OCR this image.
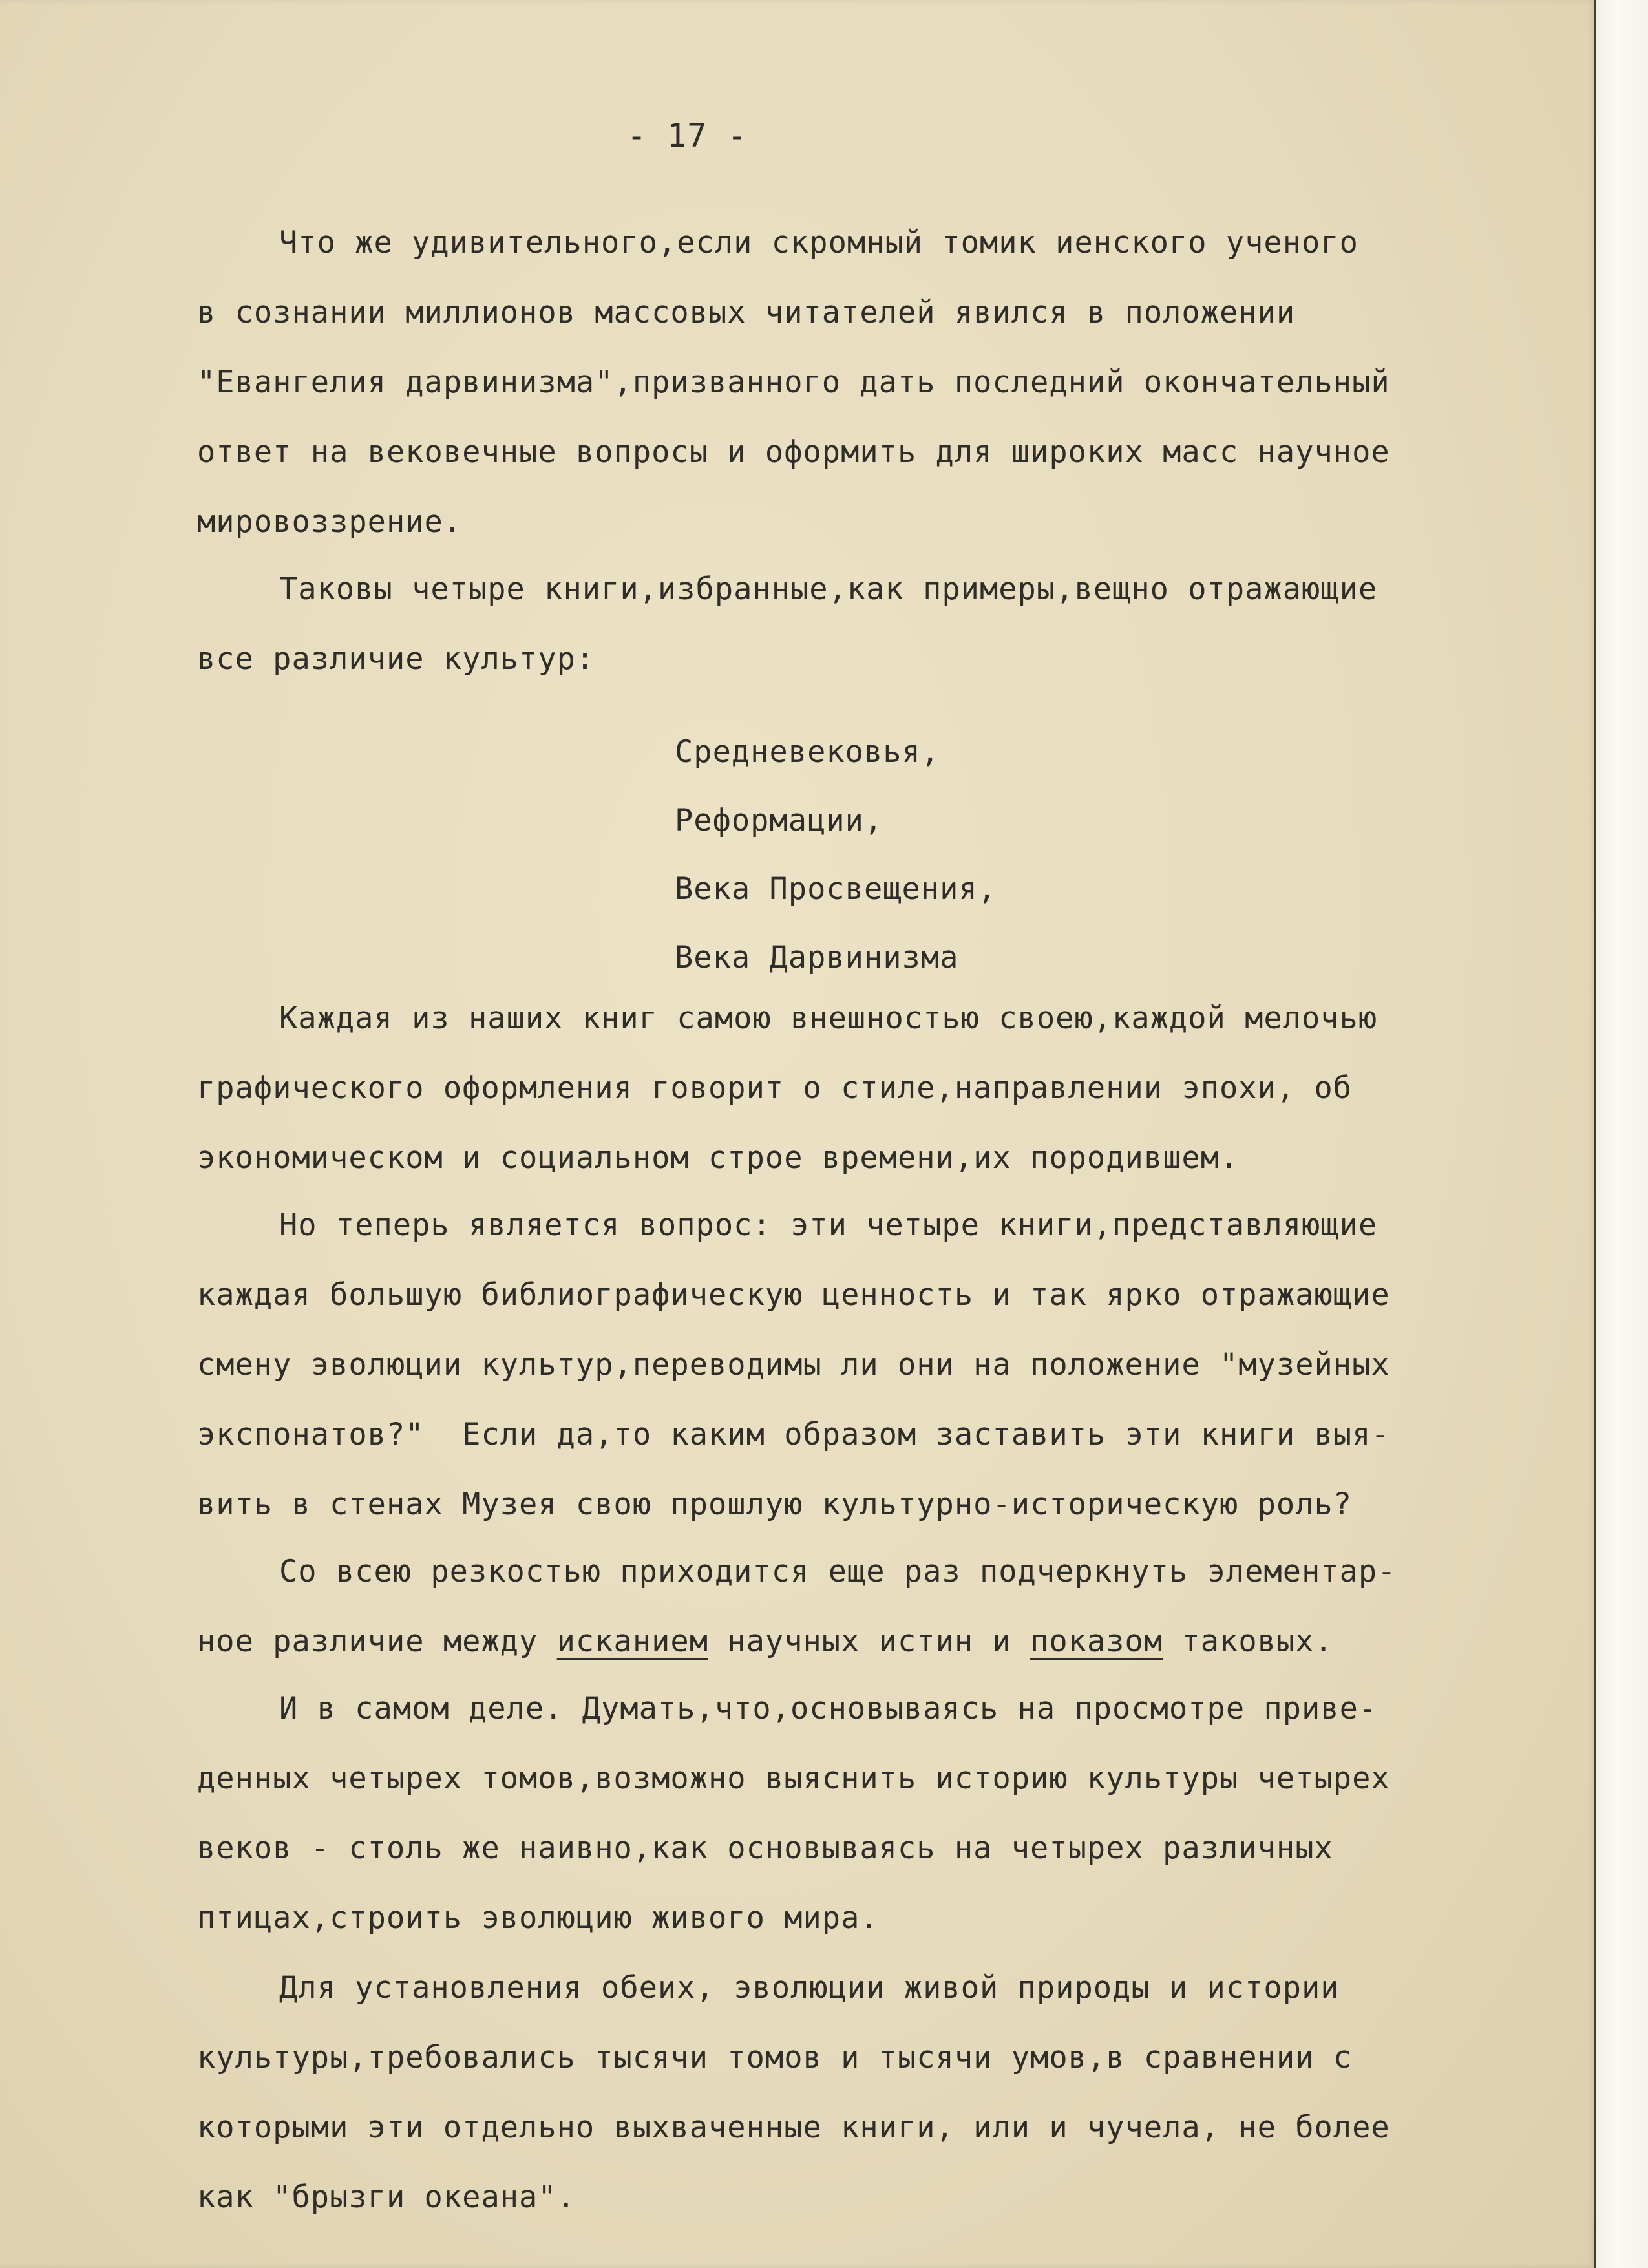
- 17 -
Что же удивительного,если скромный томик иенского ученого
в сознании миллионов массовых читателей явился в положении
"Евангелия дарвинизма",призванного дать последний окончательный
ответ на вековечные вопросы и оформить для широких масс научное
мировоззрение.
Таковы четыре книги,избранные,как примеры,вещно отражающие
все различие культур:
Средневековья,
Реформации,
Века Просвещения,
Века Дарвинизма
Каждая из наших книг самою внешностью своею,каждой мелочью
графического оформления говорит о стиле,направлении эпохи, об
экономическом и социальном строе времени,их породившем.
Но теперь является вопрос: эти четыре книги,представляющие
каждая большую библиографическую ценность и так ярко отражающие
смену эволюции культур,переводимы ли они на положение "музейных
экспонатов?"  Если да,то каким образом заставить эти книги выя-
вить в стенах Музея свою прошлую культурно-историческую роль?
Со всею резкостью приходится еще раз подчеркнуть элементар-
ное различие между исканием научных истин и показом таковых.
И в самом деле. Думать,что,основываясь на просмотре приве-
денных четырех томов,возможно выяснить историю культуры четырех
веков - столь же наивно,как основываясь на четырех различных
птицах,строить эволюцию живого мира.
Для установления обеих, эволюции живой природы и истории
культуры,требовались тысячи томов и тысячи умов,в сравнении с
которыми эти отдельно выхваченные книги, или и чучела, не более
как "брызги океана".
